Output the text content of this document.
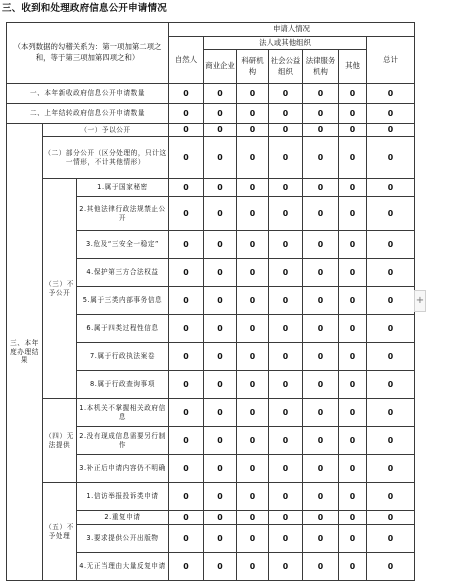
三、收到和处理政府信息公开申请情况
（本列数据的勾稽关系为：第一项加第二项之和，等于第三项加第四项之和）			申请人情况						
			自然人	法人或其他组织					总计
				商业企业	科研机构	社会公益组织	法律服务机构	其他	
一、本年新收政府信息公开申请数量			0	0	0	0	0	0	0
二、上年结转政府信息公开申请数量			0	0	0	0	0	0	0
三、本年度办理结果	（一）予以公开		0	0	0	0	0	0	0
	（二）部分公开（区分处理的，只计这一情形，不计其他情形）		0	0	0	0	0	0	0
	（三）不予公开	1.属于国家秘密	0	0	0	0	0	0	0
		2.其他法律行政法规禁止公开	0	0	0	0	0	0	0
		3.危及“三安全一稳定”	0	0	0	0	0	0	0
		4.保护第三方合法权益	0	0	0	0	0	0	0
		5.属于三类内部事务信息	0	0	0	0	0	0	0
		6.属于四类过程性信息	0	0	0	0	0	0	0
		7.属于行政执法案卷	0	0	0	0	0	0	0
		8.属于行政查询事项	0	0	0	0	0	0	0
	（四）无法提供	1.本机关不掌握相关政府信息	0	0	0	0	0	0	0
		2.没有现成信息需要另行制作	0	0	0	0	0	0	0
		3.补正后申请内容仍不明确	0	0	0	0	0	0	0
	（五）不予处理	1.信访举报投诉类申请	0	0	0	0	0	0	0
		2.重复申请	0	0	0	0	0	0	0
		3.要求提供公开出版物	0	0	0	0	0	0	0
		4.无正当理由大量反复申请	0	0	0	0	0	0	0
+
